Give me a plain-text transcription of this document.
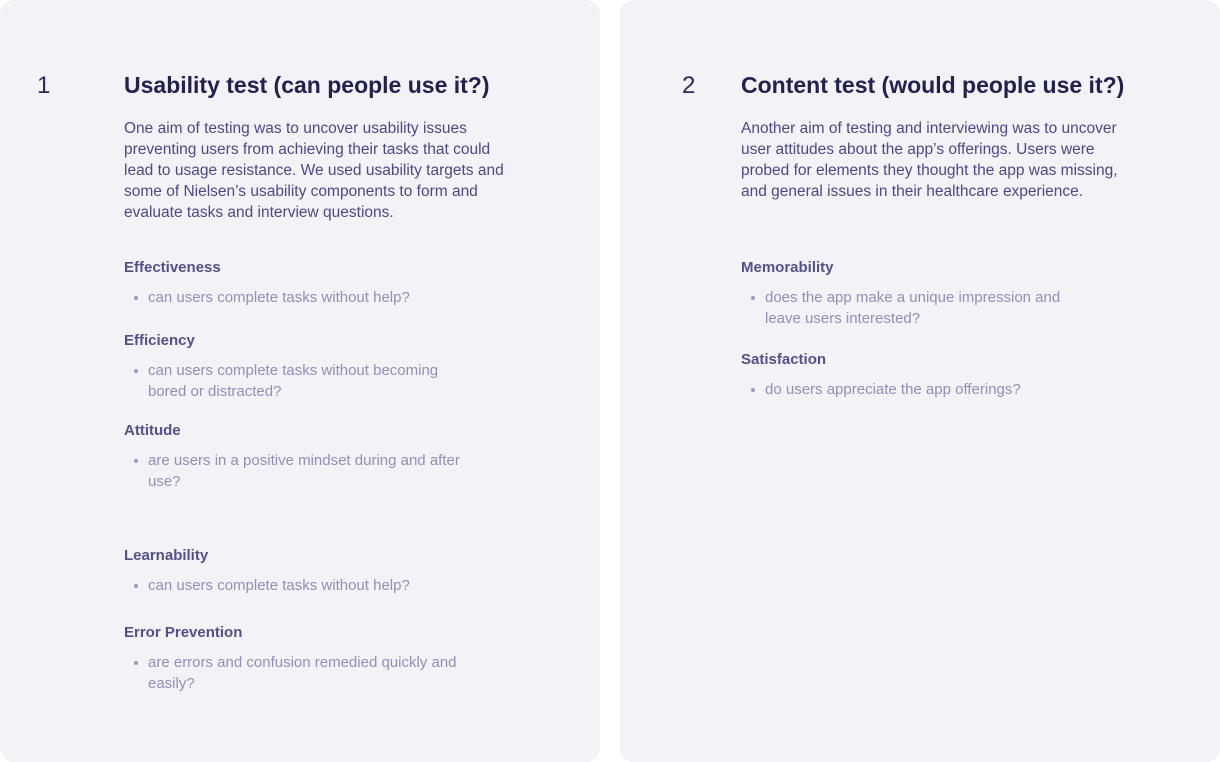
1	Usability test (can people use it?)

One aim of testing was to uncover usability issues preventing users from achieving their tasks that could lead to usage resistance. We used usability targets and some of Nielsen’s usability components to form and evaluate tasks and interview questions.

Effectiveness
can users complete tasks without help?
Efficiency
can users complete tasks without becoming bored or distracted?
Attitude
are users in a positive mindset during and after use?
Learnability
can users complete tasks without help?
Error Prevention
are errors and confusion remedied quickly and easily?
2 Content test (would people use it?)

Another aim of testing and interviewing was to uncover user attitudes about the app’s offerings. Users were probed for elements they thought the app was missing, and general issues in their healthcare experience.

Memorability
does the app make a unique impression and leave users interested?
Satisfaction
do users appreciate the app offerings?
